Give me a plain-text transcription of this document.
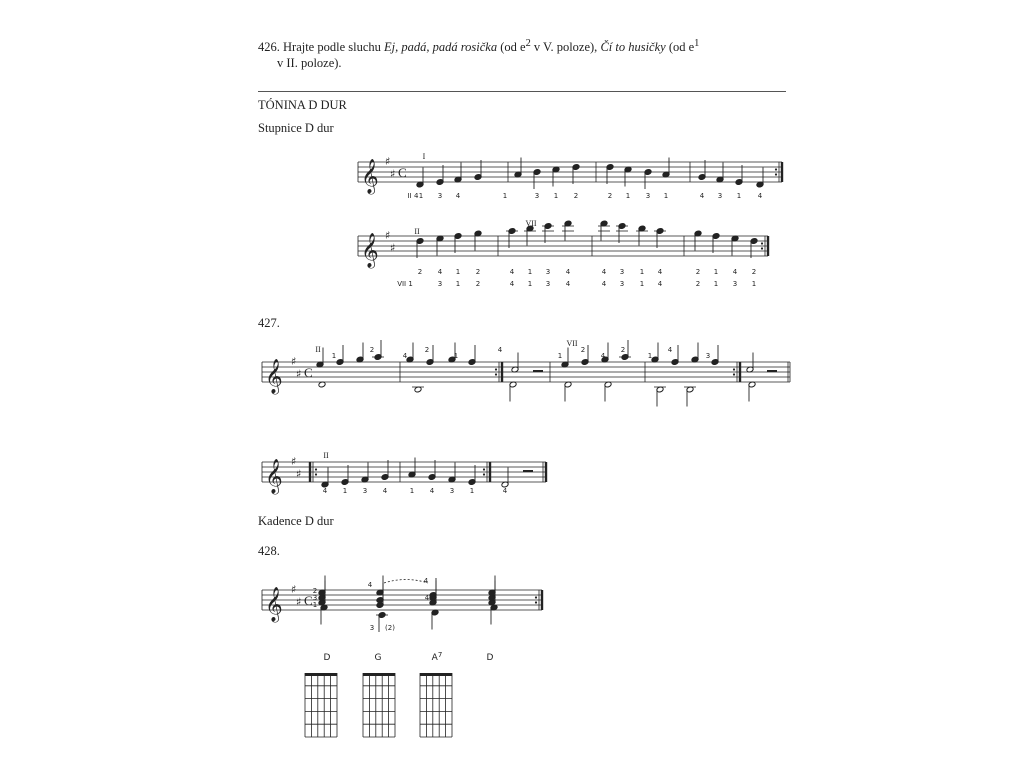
426. Hrajte podle sluchu Ej, padá, padá rosička (od $e^2$ v V. poloze), Čí to husičky (od $e^1$
v II. poloze).
TÓNINA D DUR
Stupnice D dur
427.
Kadence D dur
428.
𝄞 ♯
♯ C
I
II 4 1 3 4	1	3 1 2	2 1 3 1	4 3 1 4
𝄞 ♯
♯
II
VII
2 4 1 2	4 1 3 4	4 3 1 4	2 1 4 2
VII 1	3 1 2	4 1 3 4	4 3 1 4	2 1 3 1
𝄞 ♯
♯ C
II
VII
1
2
4
2
1
4
1
2
4
2
1
4
3
𝄞 ♯
♯
II
4 1 3 4	1 4 3 1	4
𝄞 ♯
♯ C
2
3
1
4	4
3 (2)
4
D	G	$A^7$	D
